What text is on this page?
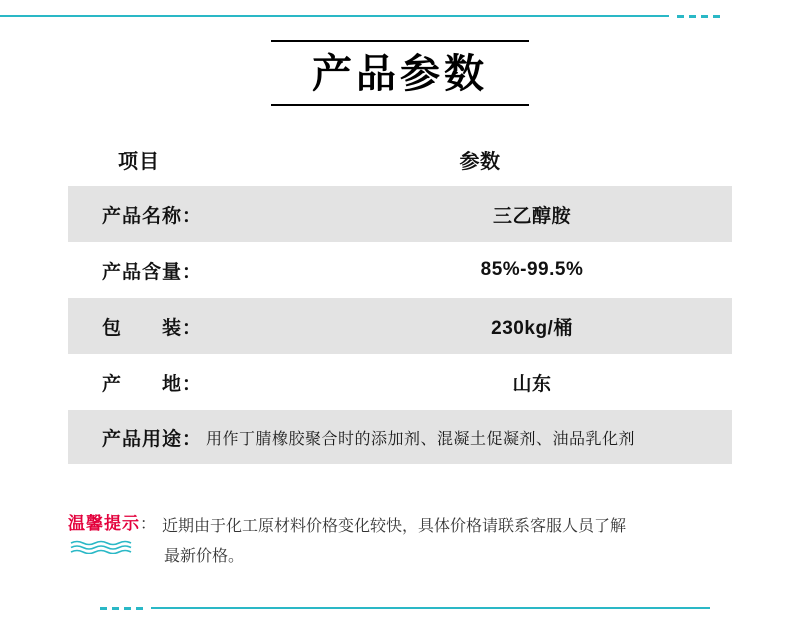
产品参数
项目	参数
产品名称：	三乙醇胺
产品含量：	85%-99.5%
包　　装：	230kg/桶
产　　地：	山东
产品用途： 用作丁腈橡胶聚合时的添加剂、混凝土促凝剂、油品乳化剂
温馨提示： 近期由于化工原材料价格变化较快，具体价格请联系客服人员了解
最新价格。
